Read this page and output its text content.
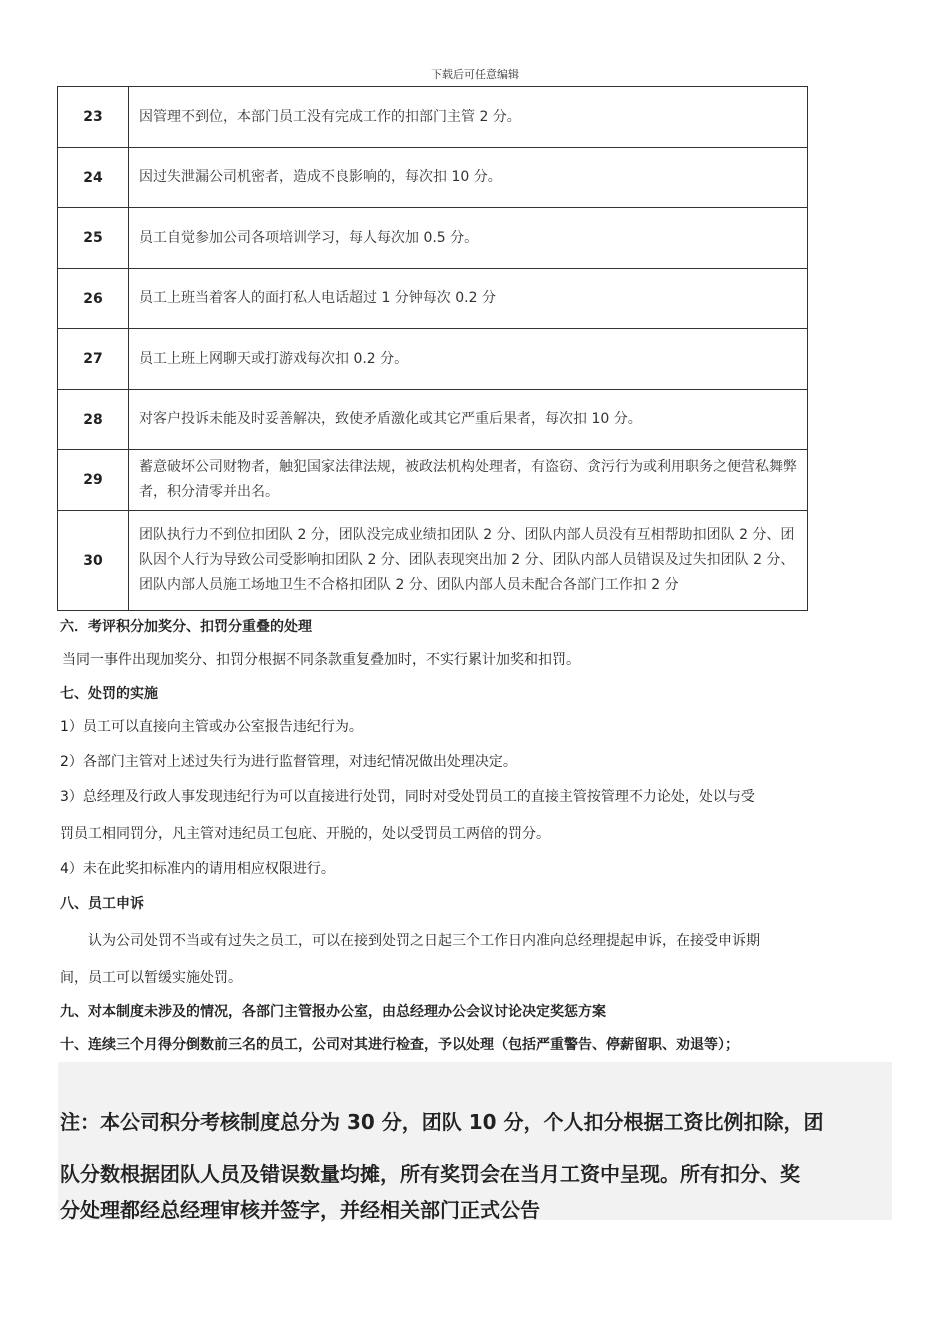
下载后可任意编辑
23	因管理不到位，本部门员工没有完成工作的扣部门主管 2 分。
24	因过失泄漏公司机密者，造成不良影响的，每次扣 10 分。
25	员工自觉参加公司各项培训学习，每人每次加 0.5 分。
26	员工上班当着客人的面打私人电话超过 1 分钟每次 0.2 分
27	员工上班上网聊天或打游戏每次扣 0.2 分。
28	对客户投诉未能及时妥善解决，致使矛盾激化或其它严重后果者，每次扣 10 分。
29	蓄意破坏公司财物者，触犯国家法律法规，被政法机构处理者，有盗窃、贪污行为或利用职务之便营私舞弊者，积分清零并出名。
30	团队执行力不到位扣团队 2 分，团队没完成业绩扣团队 2 分、团队内部人员没有互相帮助扣团队 2 分、团队因个人行为导致公司受影响扣团队 2 分、团队表现突出加 2 分、团队内部人员错误及过失扣团队 2 分、团队内部人员施工场地卫生不合格扣团队 2 分、团队内部人员未配合各部门工作扣 2 分
六．考评积分加奖分、扣罚分重叠的处理
当同一事件出现加奖分、扣罚分根据不同条款重复叠加时，不实行累计加奖和扣罚。
七、处罚的实施
1）员工可以直接向主管或办公室报告违纪行为。
2）各部门主管对上述过失行为进行监督管理，对违纪情况做出处理决定。
3）总经理及行政人事发现违纪行为可以直接进行处罚，同时对受处罚员工的直接主管按管理不力论处，处以与受
罚员工相同罚分，凡主管对违纪员工包庇、开脱的，处以受罚员工两倍的罚分。
4）未在此奖扣标准内的请用相应权限进行。
八、员工申诉
认为公司处罚不当或有过失之员工，可以在接到处罚之日起三个工作日内准向总经理提起申诉，在接受申诉期
间，员工可以暂缓实施处罚。
九、对本制度未涉及的情况，各部门主管报办公室，由总经理办公会议讨论决定奖惩方案
十、连续三个月得分倒数前三名的员工，公司对其进行检查，予以处理（包括严重警告、停薪留职、劝退等）；

注：本公司积分考核制度总分为 30 分，团队 10 分，个人扣分根据工资比例扣除，团

队分数根据团队人员及错误数量均摊，所有奖罚会在当月工资中呈现。所有扣分、奖

分处理都经总经理审核并签字，并经相关部门正式公告
